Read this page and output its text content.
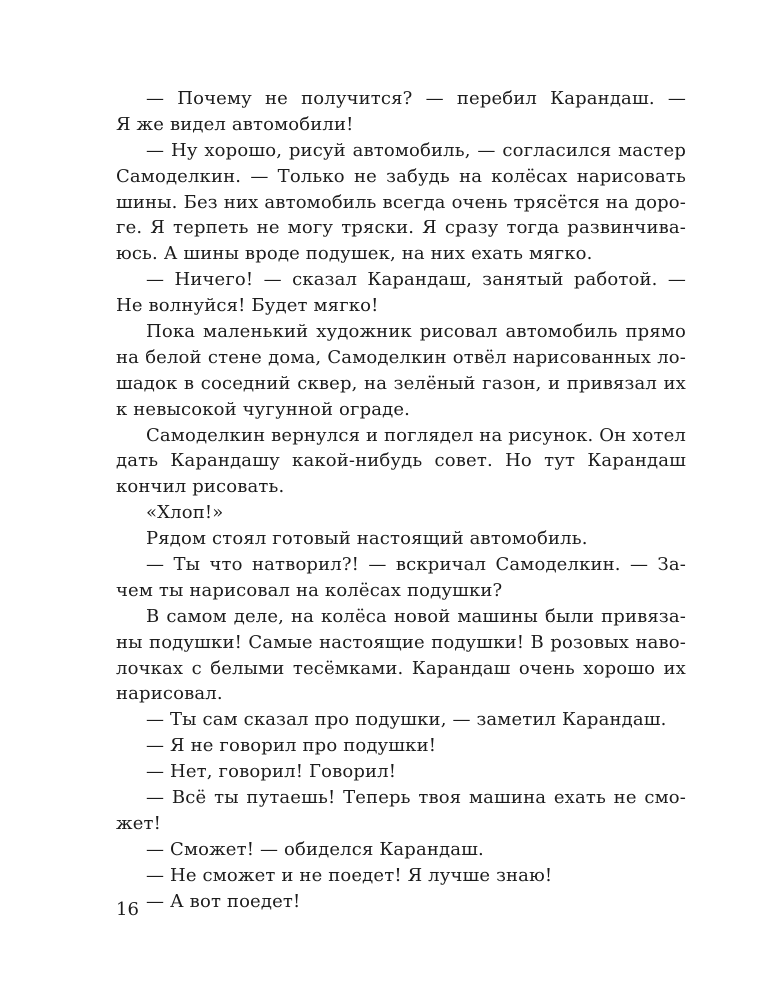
— Почему не получится? — перебил Карандаш. —
Я же видел автомобили!
— Ну хорошо, рисуй автомобиль, — согласился мастер
Самоделкин. — Только не забудь на колёсах нарисовать
шины. Без них автомобиль всегда очень трясётся на доро-
ге. Я терпеть не могу тряски. Я сразу тогда развинчива-
юсь. А шины вроде подушек, на них ехать мягко.
— Ничего! — сказал Карандаш, занятый работой. —
Не волнуйся! Будет мягко!
Пока маленький художник рисовал автомобиль прямо
на белой стене дома, Самоделкин отвёл нарисованных ло-
шадок в соседний сквер, на зелёный газон, и привязал их
к невысокой чугунной ограде.
Самоделкин вернулся и поглядел на рисунок. Он хотел
дать Карандашу какой-нибудь совет. Но тут Карандаш
кончил рисовать.
«Хлоп!»
Рядом стоял готовый настоящий автомобиль.
— Ты что натворил?! — вскричал Самоделкин. — За-
чем ты нарисовал на колёсах подушки?
В самом деле, на колёса новой машины были привяза-
ны подушки! Самые настоящие подушки! В розовых наво-
лочках с белыми тесёмками. Карандаш очень хорошо их
нарисовал.
— Ты сам сказал про подушки, — заметил Карандаш.
— Я не говорил про подушки!
— Нет, говорил! Говорил!
— Всё ты путаешь! Теперь твоя машина ехать не смо-
жет!
— Сможет! — обиделся Карандаш.
— Не сможет и не поедет! Я лучше знаю!
— А вот поедет!
16
